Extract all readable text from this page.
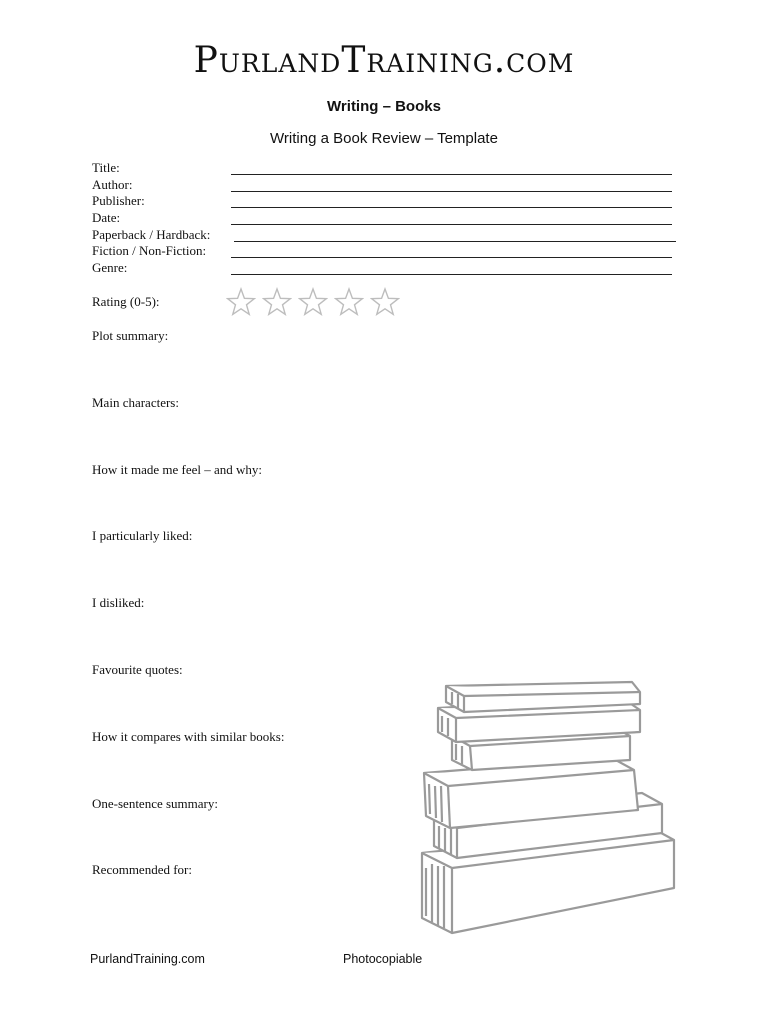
PurlandTraining.com
Writing – Books
Writing a Book Review – Template
Title:
Author:
Publisher:
Date:
Paperback / Hardback:
Fiction / Non-Fiction:
Genre:
Rating (0-5):
Plot summary:
Main characters:
How it made me feel – and why:
I particularly liked:
I disliked:
Favourite quotes:
How it compares with similar books:
One-sentence summary:
Recommended for:
PurlandTraining.com	Photocopiable
